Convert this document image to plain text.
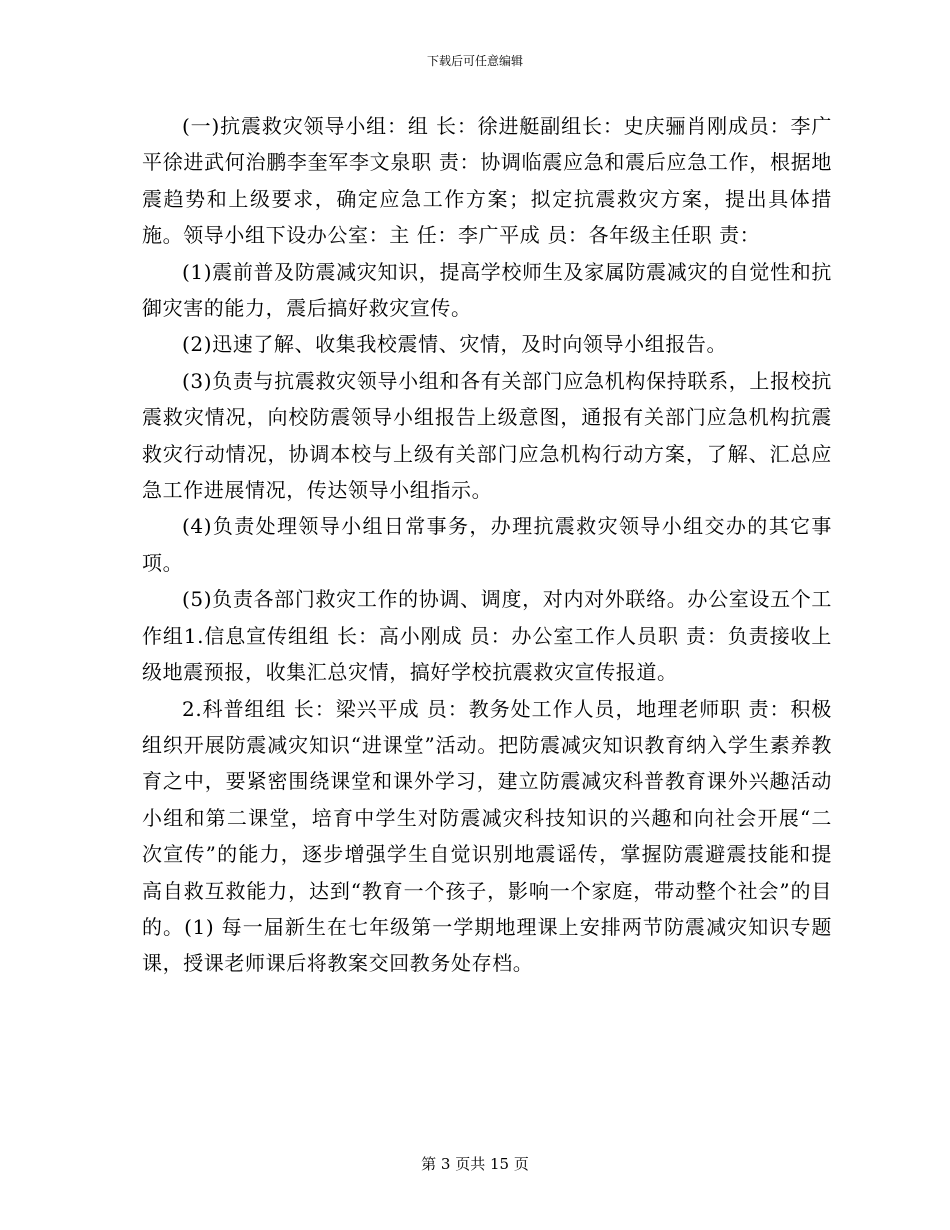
下载后可任意编辑

(一)抗震救灾领导小组：组 长：徐进艇副组长：史庆骊肖刚成员：李广平徐进武何治鹏李奎军李文泉职 责：协调临震应急和震后应急工作，根据地震趋势和上级要求，确定应急工作方案；拟定抗震救灾方案，提出具体措施。领导小组下设办公室：主 任：李广平成 员：各年级主任职 责：

(1)震前普及防震减灾知识，提高学校师生及家属防震减灾的自觉性和抗御灾害的能力，震后搞好救灾宣传。

(2)迅速了解、收集我校震情、灾情，及时向领导小组报告。

(3)负责与抗震救灾领导小组和各有关部门应急机构保持联系，上报校抗震救灾情况，向校防震领导小组报告上级意图，通报有关部门应急机构抗震救灾行动情况，协调本校与上级有关部门应急机构行动方案，了解、汇总应急工作进展情况，传达领导小组指示。

(4)负责处理领导小组日常事务，办理抗震救灾领导小组交办的其它事项。

(5)负责各部门救灾工作的协调、调度，对内对外联络。办公室设五个工作组1.信息宣传组组 长：高小刚成 员：办公室工作人员职 责：负责接收上级地震预报，收集汇总灾情，搞好学校抗震救灾宣传报道。

2.科普组组 长：梁兴平成 员：教务处工作人员，地理老师职 责：积极组织开展防震减灾知识“进课堂”活动。把防震减灾知识教育纳入学生素养教育之中，要紧密围绕课堂和课外学习，建立防震减灾科普教育课外兴趣活动小组和第二课堂，培育中学生对防震减灾科技知识的兴趣和向社会开展“二次宣传”的能力，逐步增强学生自觉识别地震谣传，掌握防震避震技能和提高自救互救能力，达到“教育一个孩子，影响一个家庭，带动整个社会”的目的。(1) 每一届新生在七年级第一学期地理课上安排两节防震减灾知识专题课，授课老师课后将教案交回教务处存档。

第 3 页共 15 页
